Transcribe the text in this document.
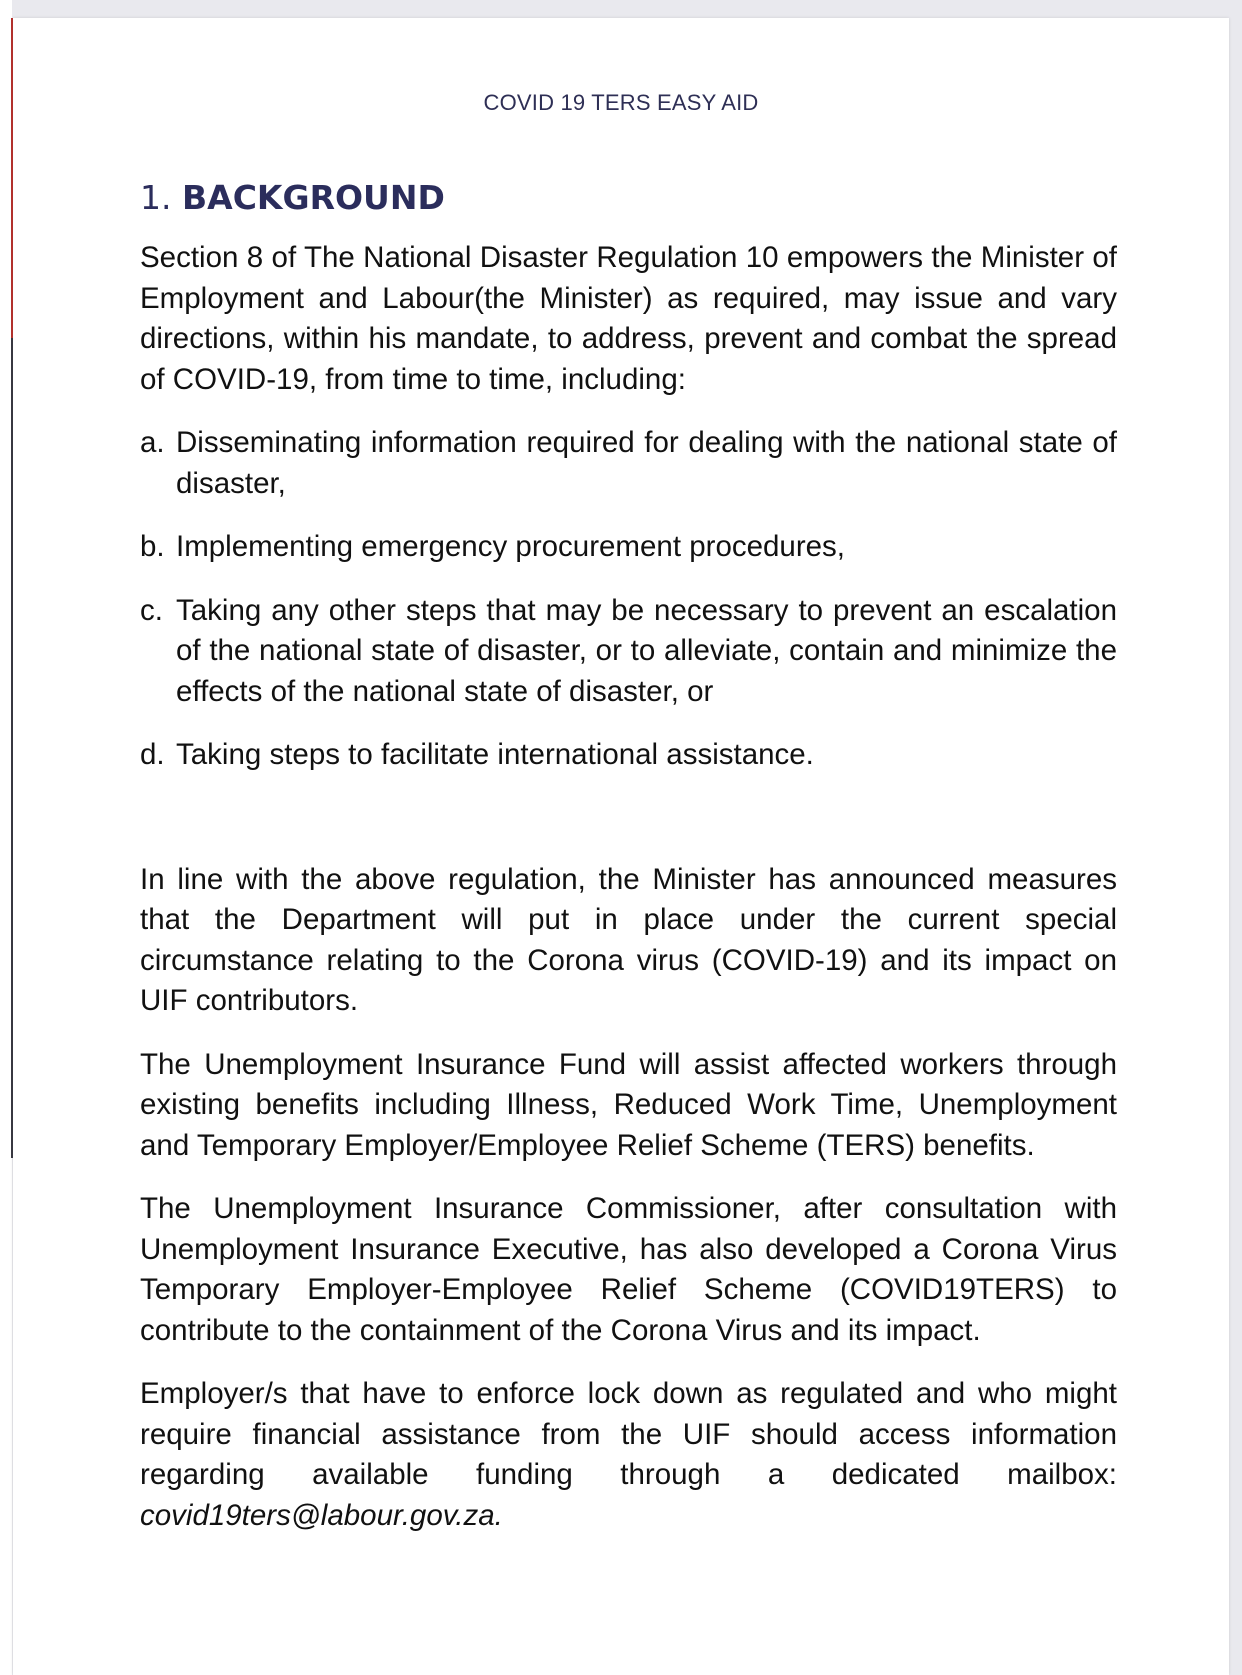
COVID 19 TERS EASY AID
1. BACKGROUND

Section 8 of The National Disaster Regulation 10 empowers the Minister of Employment and Labour(the Minister) as required, may issue and vary directions, within his mandate, to address, prevent and combat the spread of COVID-19, from time to time, including:

a. Disseminating information required for dealing with the national state of disaster,
b. Implementing emergency procurement procedures,
c. Taking any other steps that may be necessary to prevent an escalation of the national state of disaster, or to alleviate, contain and minimize the effects of the national state of disaster, or
d. Taking steps to facilitate international assistance.

In line with the above regulation, the Minister has announced measures that the Department will put in place under the current special circumstance relating to the Corona virus (COVID-19) and its impact on UIF contributors.

The Unemployment Insurance Fund will assist affected workers through existing benefits including Illness, Reduced Work Time, Unemployment and Temporary Employer/Employee Relief Scheme (TERS) benefits.

The Unemployment Insurance Commissioner, after consultation with Unemployment Insurance Executive, has also developed a Corona Virus Temporary Employer-Employee Relief Scheme (COVID19TERS) to contribute to the containment of the Corona Virus and its impact.

Employer/s that have to enforce lock down as regulated and who might require financial assistance from the UIF should access information regarding available funding through a dedicated mailbox: covid19ters@labour.gov.za.
